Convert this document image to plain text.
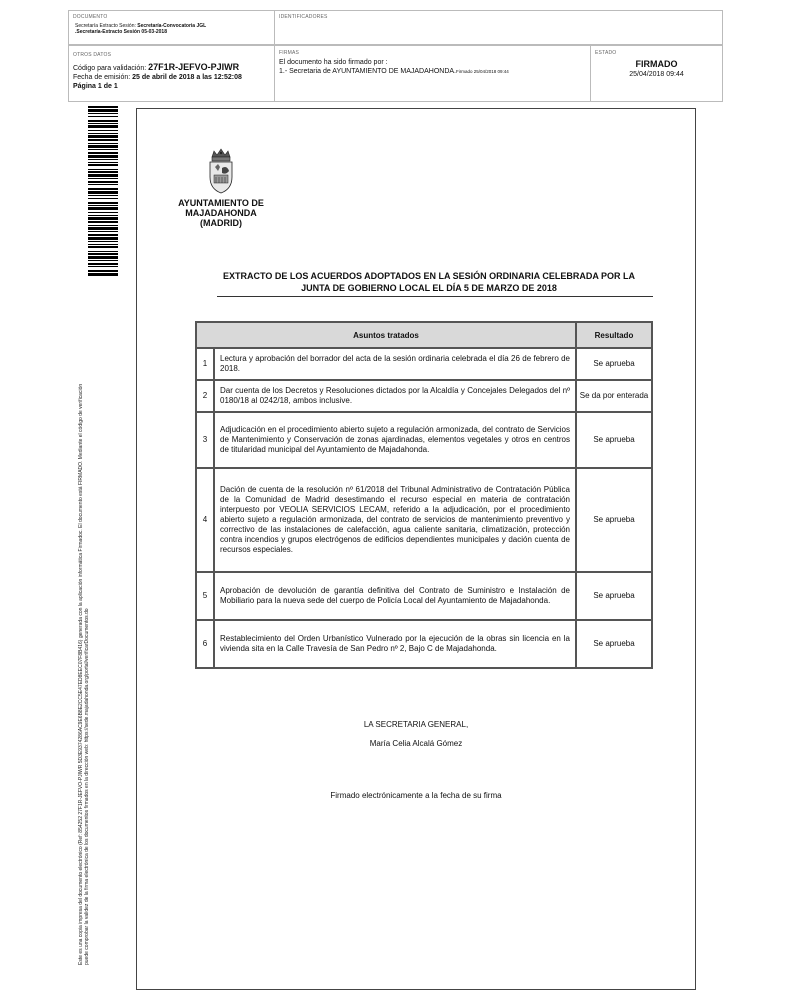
DOCUMENTO
Secretaría Extracto Sesión: Secretaría-Convocatoria JGL
.Secretaría-Extracto Sesión 05-03-2018
IDENTIFICADORES
OTROS DATOS
Código para validación: 27F1R-JEFVO-PJIWR
Fecha de emisión: 25 de abril de 2018 a las 12:52:08
Página 1 de 1
FIRMAS
El documento ha sido firmado por :
1.- Secretaria de AYUNTAMIENTO DE MAJADAHONDA.Firmado 25/04/2018 09:44
ESTADO
FIRMADO
25/04/2018 09:44
Este es una copia impresa del documento electrónico (Ref: 854252 27F1R-JEFVO-PJIWR 5D3E9374286AC9E6B8E2CC5E47ED8EEC07F8B416) generada con la aplicación informática Firmadoc. El documento está FIRMADO. Mediante el código de verificación puede comprobar la validez de la firma electrónica de los documentos firmados en la dirección web: https://sede.majadahonda.org/portal/verificarDocumentos.do
AYUNTAMIENTO DE
MAJADAHONDA
(MADRID)
EXTRACTO DE LOS ACUERDOS ADOPTADOS EN LA SESIÓN ORDINARIA CELEBRADA POR LA
JUNTA DE GOBIERNO LOCAL EL DÍA 5 DE MARZO DE 2018
Asuntos tratados		Resultado
1	Lectura y aprobación del borrador del acta de la sesión ordinaria celebrada el día 26 de febrero de 2018.	Se aprueba
2	Dar cuenta de los Decretos y Resoluciones dictados por la Alcaldía y Concejales Delegados del nº 0180/18 al 0242/18, ambos inclusive.	Se da por enterada
3	Adjudicación en el procedimiento abierto sujeto a regulación armonizada, del contrato de Servicios de Mantenimiento y Conservación de zonas ajardinadas, elementos vegetales y otros en centros de titularidad municipal del Ayuntamiento de Majadahonda.	Se aprueba
4	Dación de cuenta de la resolución nº 61/2018 del Tribunal Administrativo de Contratación Pública de la Comunidad de Madrid desestimando el recurso especial en materia de contratación interpuesto por VEOLIA SERVICIOS LECAM, referido a la adjudicación, por el procedimiento abierto sujeto a regulación armonizada, del contrato de servicios de mantenimiento preventivo y correctivo de las instalaciones de calefacción, agua caliente sanitaria, climatización, protección contra incendios y grupos electrógenos de edificios dependientes municipales y dación cuenta de recursos especiales.	Se aprueba
5	Aprobación de devolución de garantía definitiva del Contrato de Suministro e Instalación de Mobiliario para la nueva sede del cuerpo de Policía Local del Ayuntamiento de Majadahonda.	Se aprueba
6	Restablecimiento del Orden Urbanístico Vulnerado por la ejecución de la obras sin licencia en la vivienda sita en la Calle Travesía de San Pedro nº 2, Bajo C de Majadahonda.	Se aprueba
LA SECRETARIA GENERAL,
María Celia Alcalá Gómez
Firmado electrónicamente a la fecha de su firma
